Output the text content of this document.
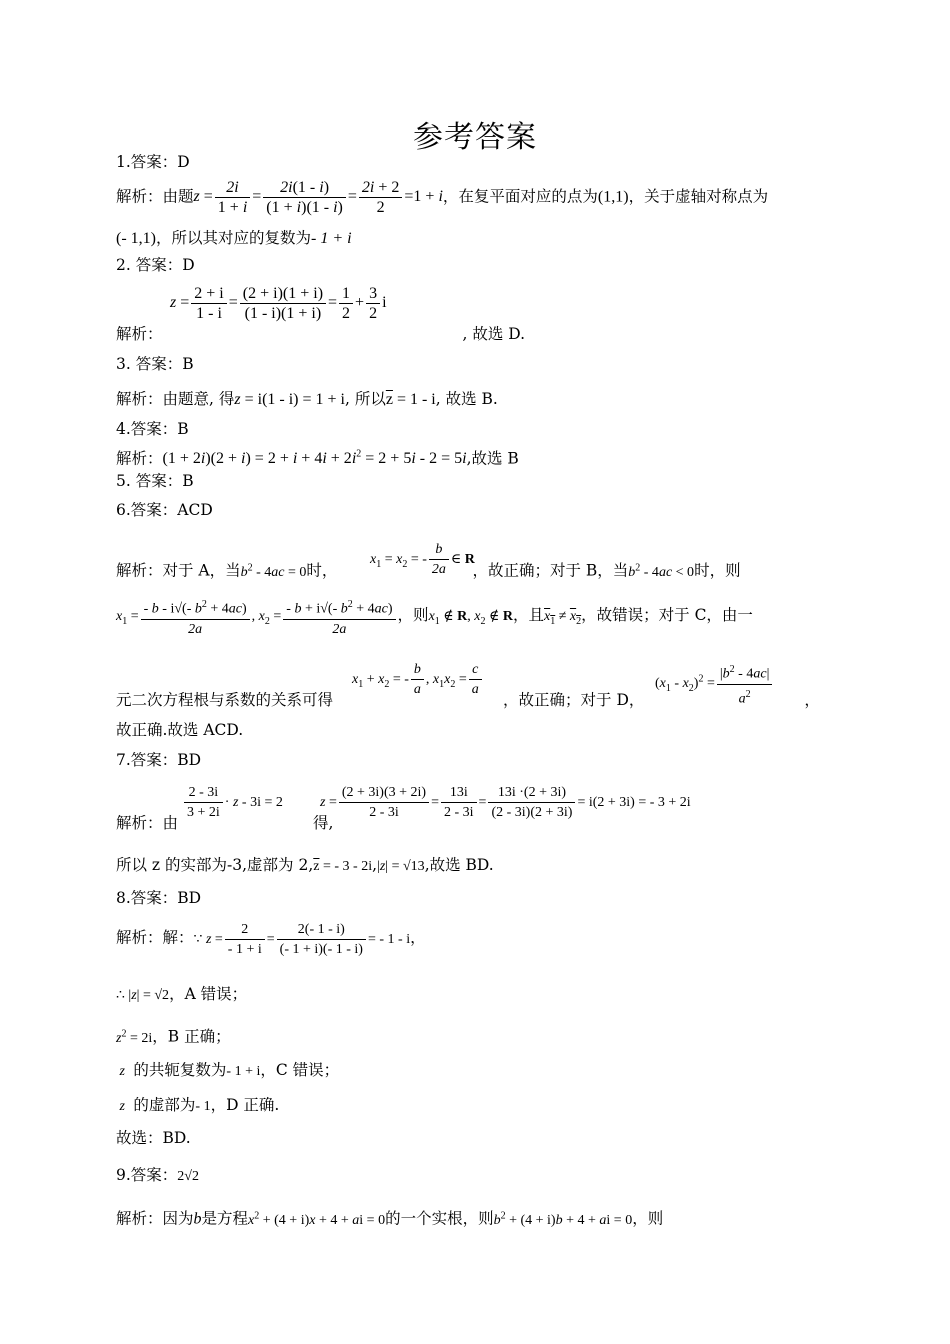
参考答案
1.答案：D
解析：由题$z = \frac{2i}{1 + i} = \frac{2i(1 - i)}{(1 + i)(1 - i)} = \frac{2i + 2}{2} =1 + i$，在复平面对应的点为(1,1)，关于虚轴对称点为
(- 1,1)，所以其对应的复数为- 1 + i
2. 答案：D
$z = \frac{2 + i}{1 - i} = \frac{(2 + i)(1 + i)}{(1 - i)(1 + i)} = \frac{1}{2} + \frac{3}{2}$ i
解析：	, 故选 D.
3. 答案：B
解析：由题意, 得z = i(1 - i) = 1 + i, 所以$\overline{z} = 1 - i$, 故选 B.
4.答案：B
解析：$(1 + 2i)(2 + i) = 2 + i + 4i + 2i^2 = 2 + 5i - 2 = 5i$,故选 B
5. 答案：B
6.答案：ACD
$x_1 = x_2$ = - $\frac{b}{2a}$ ∈ R
解析：对于 A，当$b^2 - 4ac = 0$时，	，故正确；对于 B，当$b^2 - 4ac < 0$时，则
$x_1 = \frac{- b - i√(- b^2 + 4ac)}{2a}$ , $x_2 = \frac{- b + i√(- b^2 + 4ac)}{2a}$ ，则$x_1$ ∉ R, $x_2$ ∉ R，且$x_1 \ne x_2$，故错误；对于 C，由一
$x_1 + x_2$ = - $\frac{b}{a}$ , $x_1x_2 = \frac{c}{a}$	$(x_1 - x_2)^2 = \frac{|b^2 - 4ac|}{a^2}$
元二次方程根与系数的关系可得	，故正确；对于 D，	，
故正确.故选 ACD.
7.答案：BD
$\frac{2 - 3i}{3 + 2i} \cdot z - 3i = 2$	$z = \frac{(2 + 3i)(3 + 2i)}{2 - 3i} = \frac{13i}{2 - 3i} = \frac{13i \cdot(2 + 3i)}{(2 - 3i)(2 + 3i)} = i(2 + 3i)$ = - 3 + 2i
解析：由	得,
所以 z 的实部为-3,虚部为 $2,\overline{z}$ = - 3 - 2i,|z| = √13,故选 BD.
8.答案：BD
解析：解：∵ $z = \frac{2}{- 1 + i} = \frac{2(- 1 - i)}{(- 1 + i)(- 1 - i)}$ = - 1 - i，
∴ |z| = √2，A 错误；
$z^2 = 2i$，B 正确；
z  的共轭复数为- 1 + i，C 错误；
z  的虚部为- 1，D 正确.
故选：BD.
9.答案：2√2
解析：因为b是方程$x^2 + (4 + i)x + 4$ + ai = 0的一个实根，则$b^2 + (4 + i)b + 4$ + ai = 0，则
